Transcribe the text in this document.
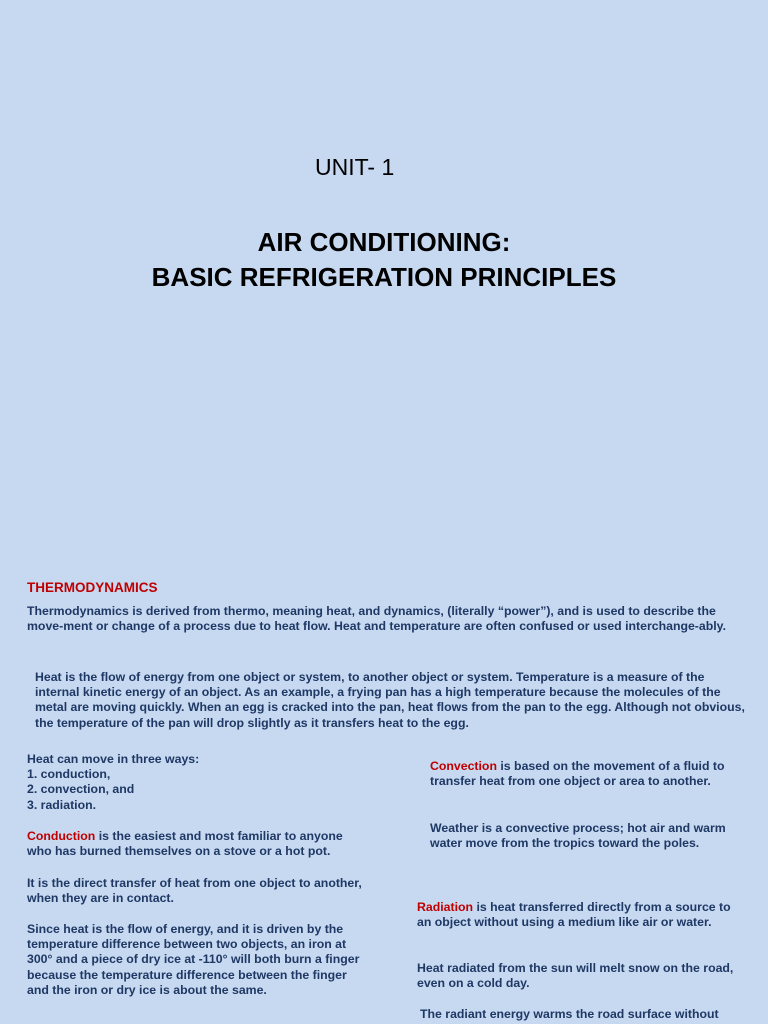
UNIT- 1
AIR CONDITIONING:
BASIC REFRIGERATION PRINCIPLES
THERMODYNAMICS

Thermodynamics is derived from thermo, meaning heat, and dynamics, (literally “power”), and is used to describe the move-ment or change of a process due to heat flow. Heat and temperature are often confused or used interchange-ably.

Heat is the flow of energy from one object or system, to another object or system. Temperature is a measure of the internal kinetic energy of an object. As an example, a frying pan has a high temperature because the molecules of the metal are moving quickly. When an egg is cracked into the pan, heat flows from the pan to the egg. Although not obvious, the temperature of the pan will drop slightly as it transfers heat to the egg.

Heat can move in three ways:
1. conduction,
2. convection, and
3. radiation.

Conduction is the easiest and most familiar to anyone who has burned themselves on a stove or a hot pot.

It is the direct transfer of heat from one object to another, when they are in contact.

Since heat is the flow of energy, and it is driven by the temperature difference between two objects, an iron at 300° and a piece of dry ice at -110° will both burn a finger because the temperature difference between the finger and the iron or dry ice is about the same.

Convection is based on the movement of a fluid to transfer heat from one object or area to another.

Weather is a convective process; hot air and warm water move from the tropics toward the poles.

Radiation is heat transferred directly from a source to an object without using a medium like air or water.

Heat radiated from the sun will melt snow on the road, even on a cold day.

The radiant energy warms the road surface without
